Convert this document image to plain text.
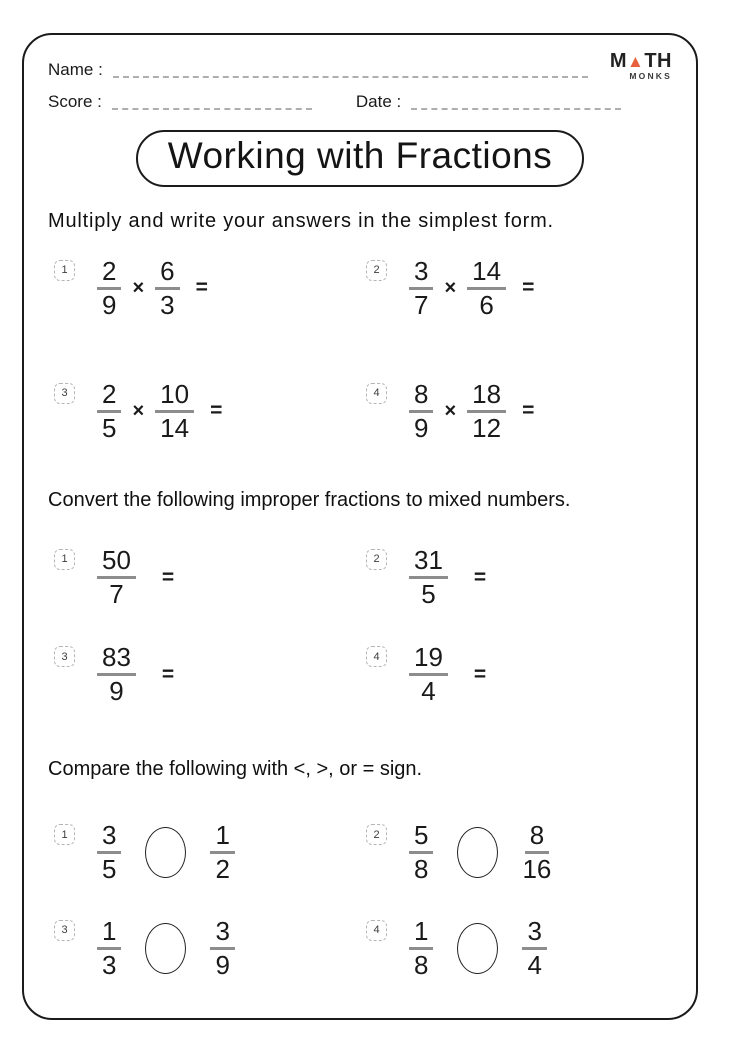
Name :	M▲TH
MONKS
Score :	Date :
Working with Fractions
Multiply and write your answers in the simplest form.
$1 \frac{2}{9} \times \frac{6}{3}$ =
$2 \frac{3}{7} \times \frac{14}{6}$ =
$3 \frac{2}{5} \times \frac{10}{14}$ =
$4 \frac{8}{9} \times \frac{18}{12}$ =
Convert the following improper fractions to mixed numbers.
$1 \frac{50}{7}$ =
$2 \frac{31}{5}$ =
$3 \frac{83}{9}$ =
$4 \frac{19}{4}$ =
Compare the following with <, >, or = sign.
$1 \frac{3}{5}$	$\frac{1}{2}$	$2 \frac{5}{8}$	$\frac{8}{16}$
$3 \frac{1}{3}$	$\frac{3}{9}$	$4 \frac{1}{8}$	$\frac{3}{4}$
